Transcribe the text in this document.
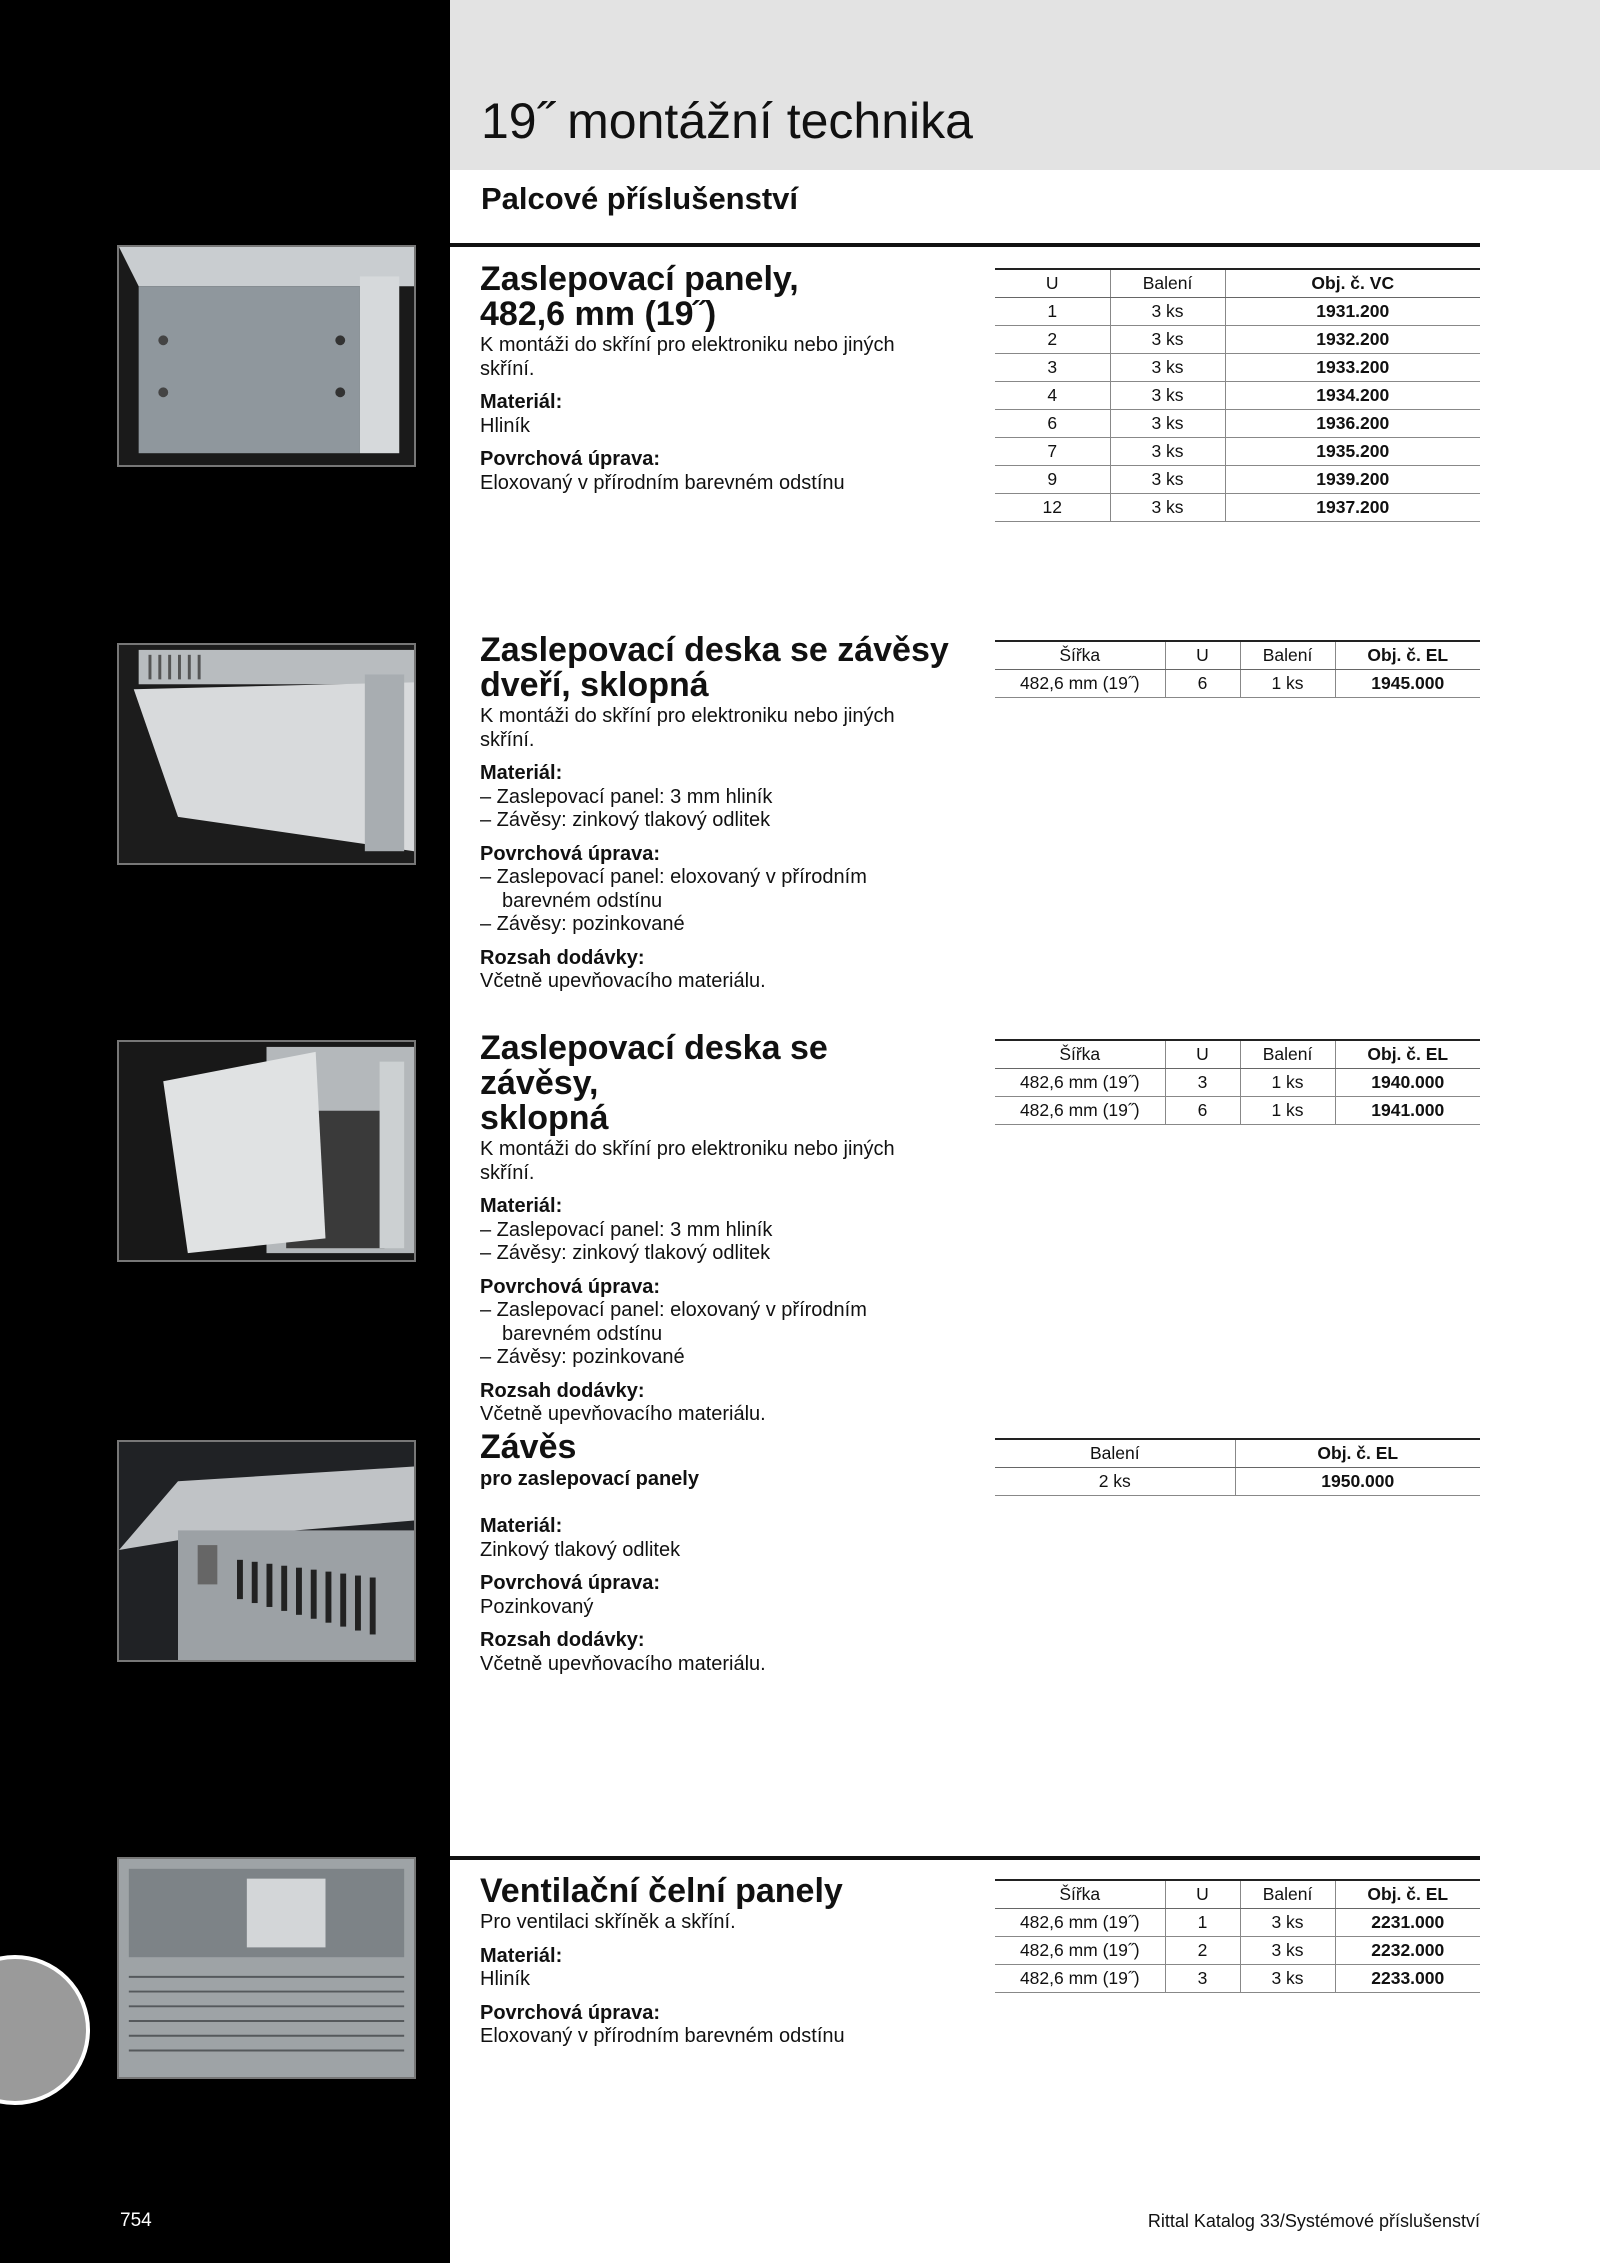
19˝ montážní technika
Palcové příslušenství
Zaslepovací panely,
482,6 mm (19˝)
K montáži do skříní pro elektroniku nebo jiných skříní.
Materiál:
Hliník
Povrchová úprava:
Eloxovaný v přírodním barevném odstínu
U	Balení	Obj. č. VC
1	3 ks	1931.200
2	3 ks	1932.200
3	3 ks	1933.200
4	3 ks	1934.200
6	3 ks	1936.200
7	3 ks	1935.200
9	3 ks	1939.200
12	3 ks	1937.200
Zaslepovací deska se závěsy
dveří, sklopná
K montáži do skříní pro elektroniku nebo jiných skříní.
Materiál:
– Zaslepovací panel: 3 mm hliník
– Závěsy: zinkový tlakový odlitek
Povrchová úprava:
– Zaslepovací panel: eloxovaný v přírodním barevném odstínu
– Závěsy: pozinkované
Rozsah dodávky:
Včetně upevňovacího materiálu.
Šířka	U	Balení	Obj. č. EL
482,6 mm (19˝)	6	1 ks	1945.000
Zaslepovací deska se závěsy,
sklopná
K montáži do skříní pro elektroniku nebo jiných skříní.
Materiál:
– Zaslepovací panel: 3 mm hliník
– Závěsy: zinkový tlakový odlitek
Povrchová úprava:
– Zaslepovací panel: eloxovaný v přírodním barevném odstínu
– Závěsy: pozinkované
Rozsah dodávky:
Včetně upevňovacího materiálu.
Šířka	U	Balení	Obj. č. EL
482,6 mm (19˝)	3	1 ks	1940.000
482,6 mm (19˝)	6	1 ks	1941.000
Závěs
pro zaslepovací panely
Materiál:
Zinkový tlakový odlitek
Povrchová úprava:
Pozinkovaný
Rozsah dodávky:
Včetně upevňovacího materiálu.
Balení	Obj. č. EL
2 ks	1950.000
Ventilační čelní panely
Pro ventilaci skříněk a skříní.
Materiál:
Hliník
Povrchová úprava:
Eloxovaný v přírodním barevném odstínu
Šířka	U	Balení	Obj. č. EL
482,6 mm (19˝)	1	3 ks	2231.000
482,6 mm (19˝)	2	3 ks	2232.000
482,6 mm (19˝)	3	3 ks	2233.000
754	Rittal Katalog 33/Systémové příslušenství
